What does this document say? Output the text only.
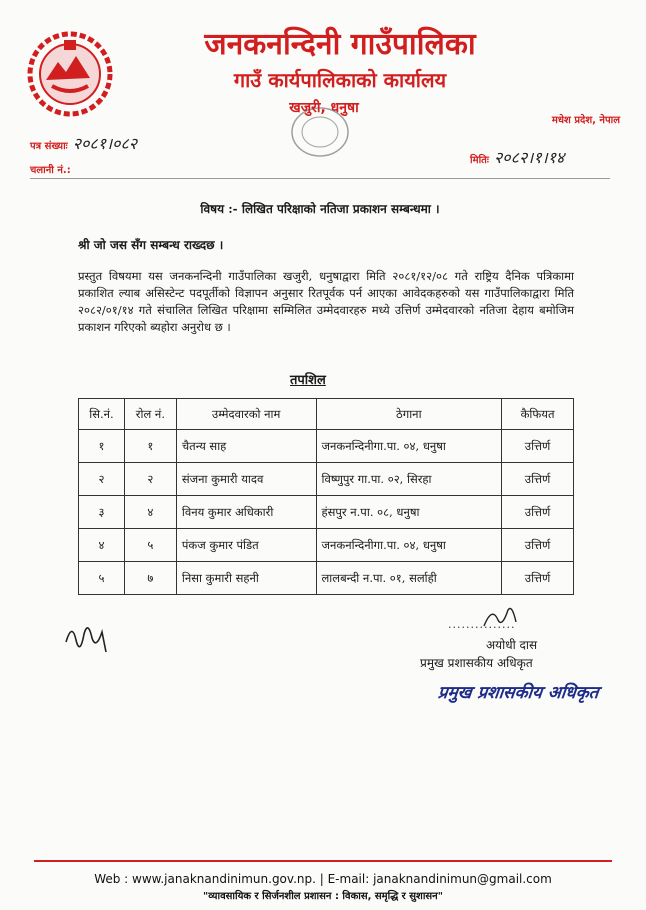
जनकनन्दिनी गाउँपालिका
गाउँ कार्यपालिकाको कार्यालय
खजुरी, धनुषा
मधेश प्रदेश, नेपाल
पत्र संख्याः २०८१।०८२
चलानी नं.:
मितिः २०८२।१।१४
विषय :- लिखित परिक्षाको नतिजा प्रकाशन सम्बन्धमा ।
श्री जो जस सँग सम्बन्ध राख्दछ ।
प्रस्तुत विषयमा यस जनकनन्दिनी गाउँपालिका खजुरी, धनुषाद्वारा मिति २०८१/१२/०८ गते राष्ट्रिय दैनिक पत्रिकामा प्रकाशित ल्याब असिस्टेन्ट पदपूर्तीको विज्ञापन अनुसार रितपूर्वक पर्न आएका आवेदकहरुको यस गाउँपालिकाद्वारा मिति २०८२/०१/१४ गते संचालित लिखित परिक्षामा सम्मिलित उम्मेदवारहरु मध्ये उत्तिर्ण उम्मेदवारको नतिजा देहाय बमोजिम प्रकाशन गरिएको ब्यहोरा अनुरोध छ ।
तपशिल
सि.नं.	रोल नं.	उम्मेदवारको नाम	ठेगाना	कैफियत
१	१	चैतन्य साह	जनकनन्दिनीगा.पा. ०४, धनुषा	उत्तिर्ण
२	२	संजना कुमारी यादव	विष्णुपुर गा.पा. ०२, सिरहा	उत्तिर्ण
३	४	विनय कुमार अधिकारी	हंसपुर न.पा. ०८, धनुषा	उत्तिर्ण
४	५	पंकज कुमार पंडित	जनकनन्दिनीगा.पा. ०४, धनुषा	उत्तिर्ण
५	७	निसा कुमारी सहनी	लालबन्दी न.पा. ०१, सर्लाही	उत्तिर्ण
...............
अयोधी दास
प्रमुख प्रशासकीय अधिकृत
प्रमुख प्रशासकीय अधिकृत
Web : www.janaknandinimun.gov.np. | E-mail: janaknandinimun@gmail.com
"व्यावसायिक र सिर्जनशील प्रशासन : विकास, समृद्धि र सुशासन"
